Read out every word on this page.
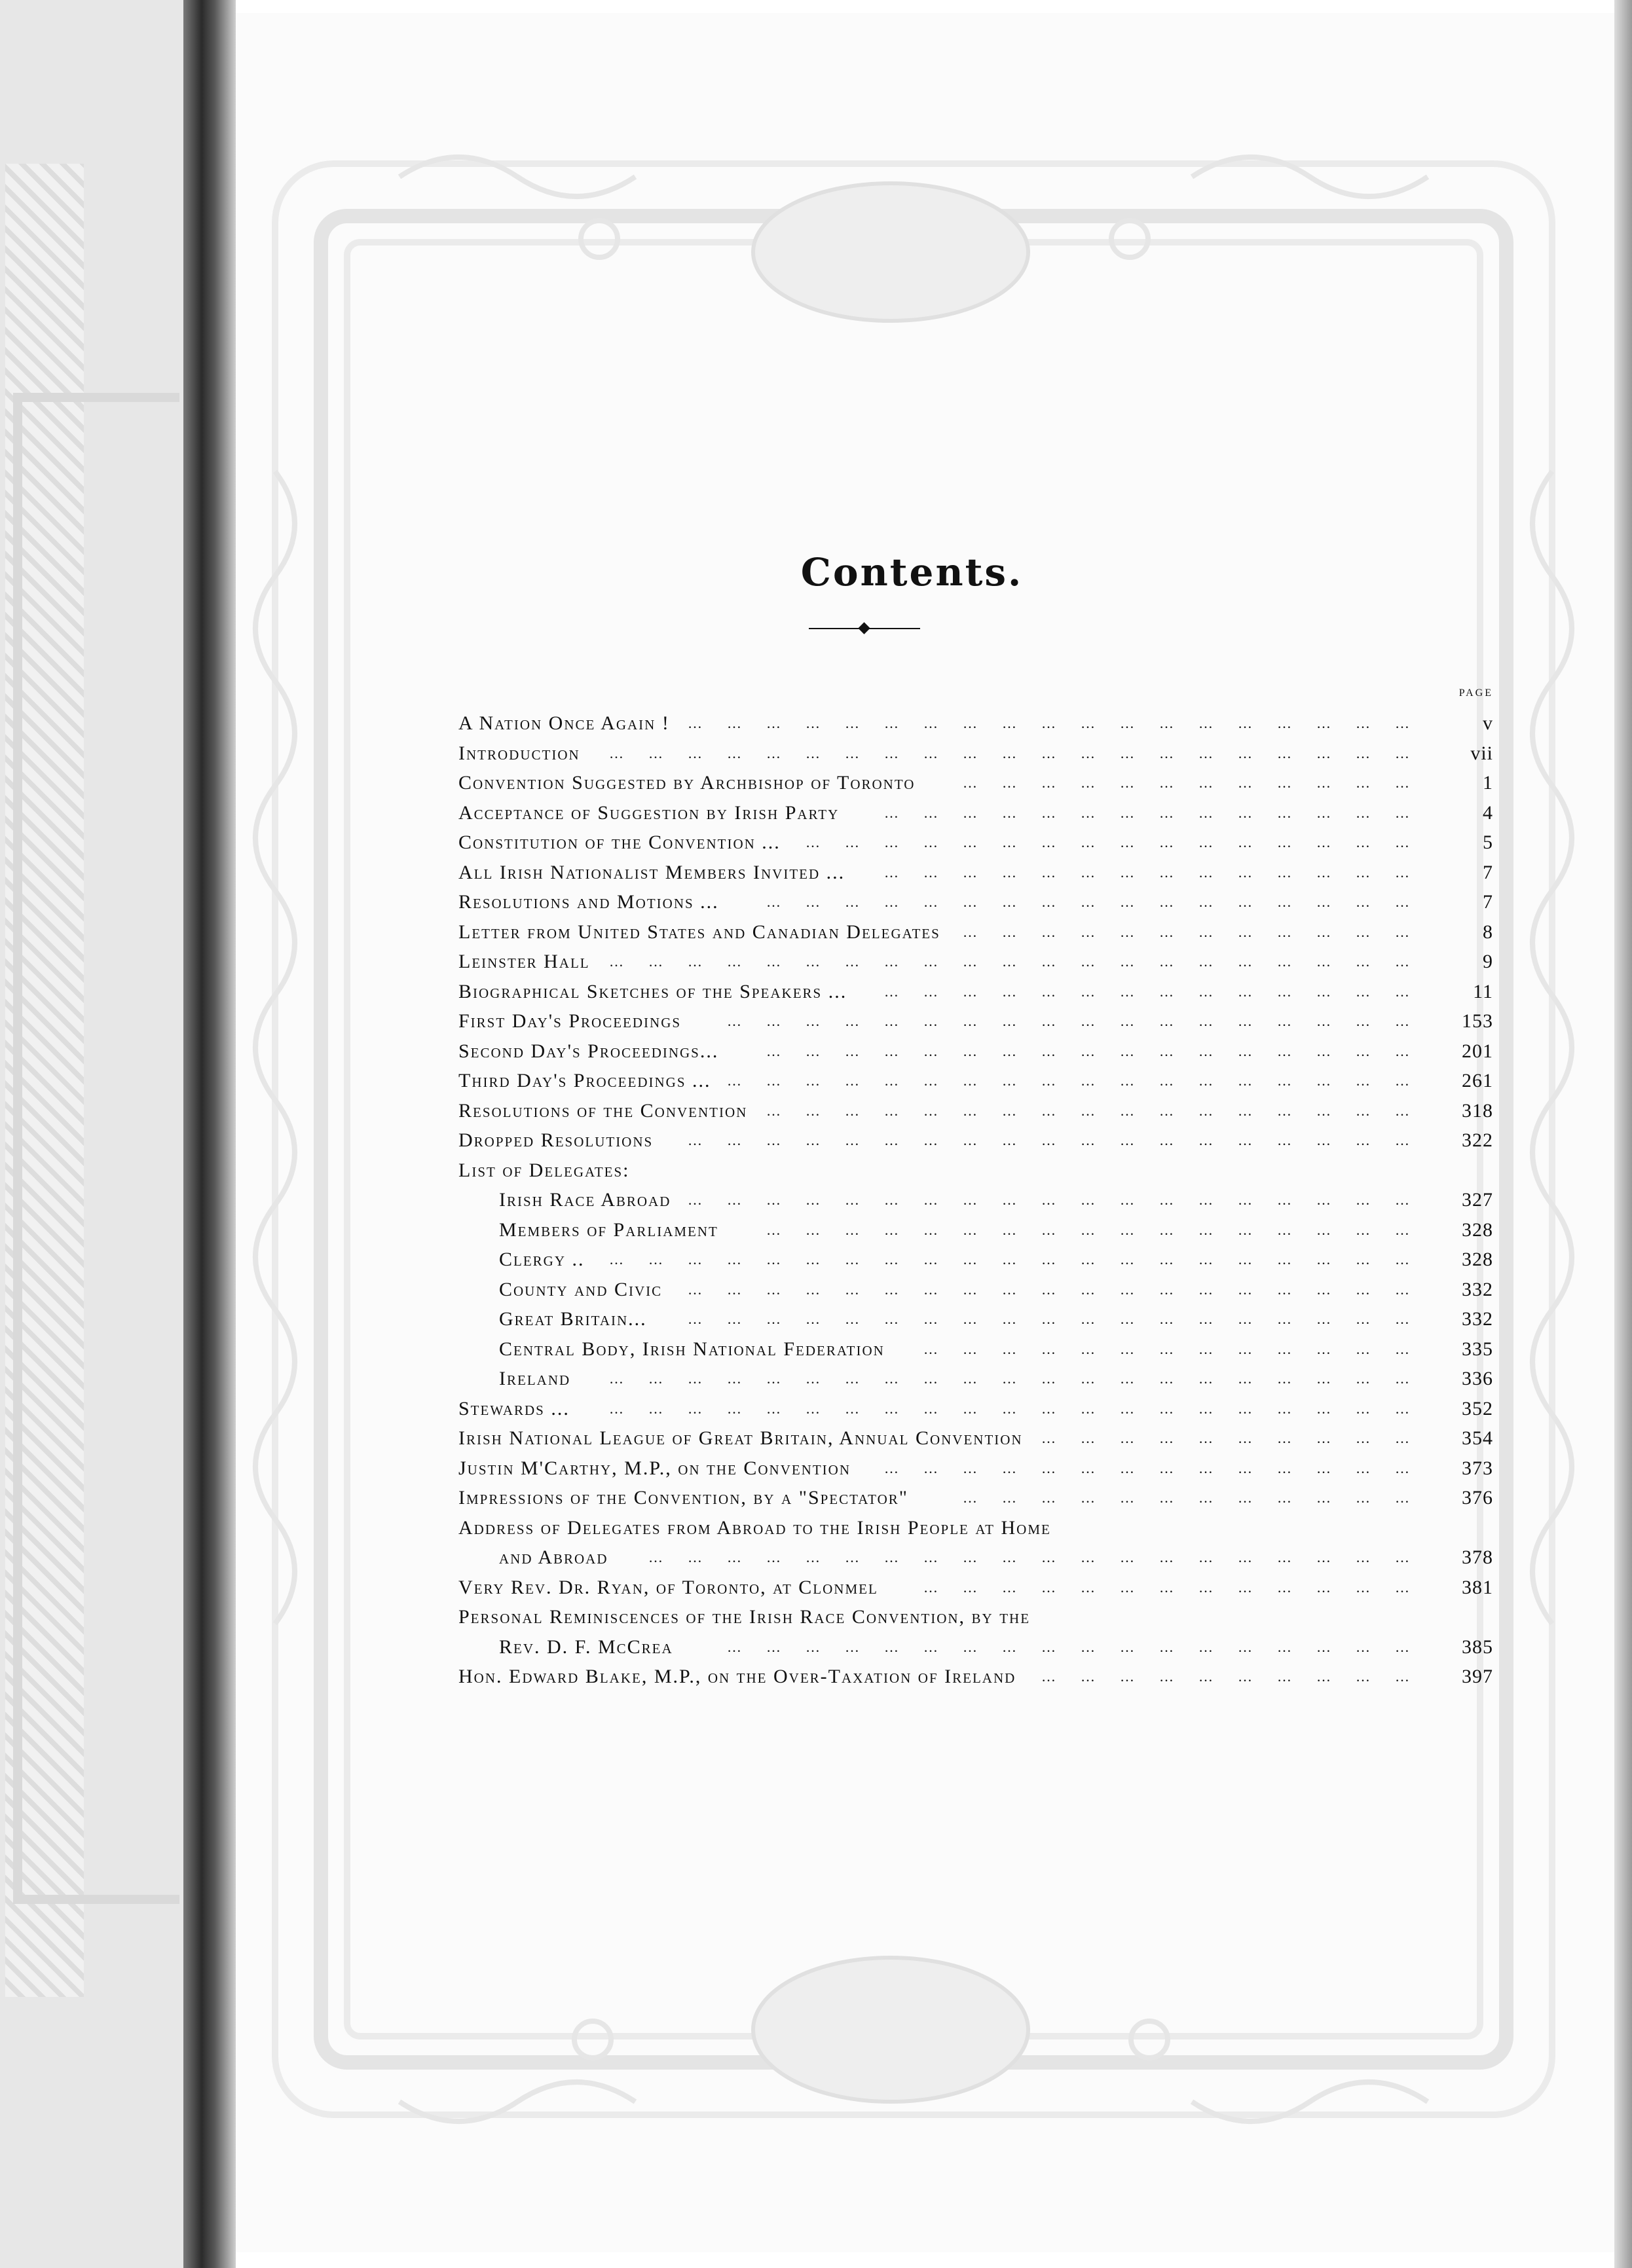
Contents.
PAGE
A Nation Once Again ! …………………………………………………	v
Introduction ………………………………………………………	vii
Convention Suggested by Archbishop of Toronto	………………………………	1
Acceptance of Suggestion by Irish Party	……………………………………	4
Constitution of the Convention ... …………………………………………	5
All Irish Nationalist Members Invited ...	……………………………………	7
Resolutions and Motions ...	……………………………………………	7
Letter from United States and Canadian Delegates ………………………………	8
Leinster Hall ………………………………………………………	9
Biographical Sketches of the Speakers ...	……………………………………	11
First Day's Proceedings	………………………………………………	153
Second Day's Proceedings...	……………………………………………	201
Third Day's Proceedings ... ………………………………………………	261
Resolutions of the Convention ……………………………………………	318
Dropped Resolutions …………………………………………………	322
List of Delegates:
Irish Race Abroad …………………………………………………	327
Members of Parliament	……………………………………………	328
Clergy .. ………………………………………………………	328
County and Civic …………………………………………………	332
Great Britain...	…………………………………………………	332
Central Body, Irish National Federation	…………………………………	335
Ireland	………………………………………………………	336
Stewards ...	………………………………………………………	352
Irish National League of Great Britain, Annual Convention …………………………	354
Justin M'Carthy, M.P., on the Convention ……………………………………	373
Impressions of the Convention, by a "Spectator"	………………………………	376
Address of Delegates from Abroad to the Irish People at Home
and Abroad	……………………………………………………	378
Very Rev. Dr. Ryan, of Toronto, at Clonmel	…………………………………	381
Personal Reminiscences of the Irish Race Convention, by the
Rev. D. F. McCrea	………………………………………………	385
Hon. Edward Blake, M.P., on the Over-Taxation of Ireland …………………………	397
